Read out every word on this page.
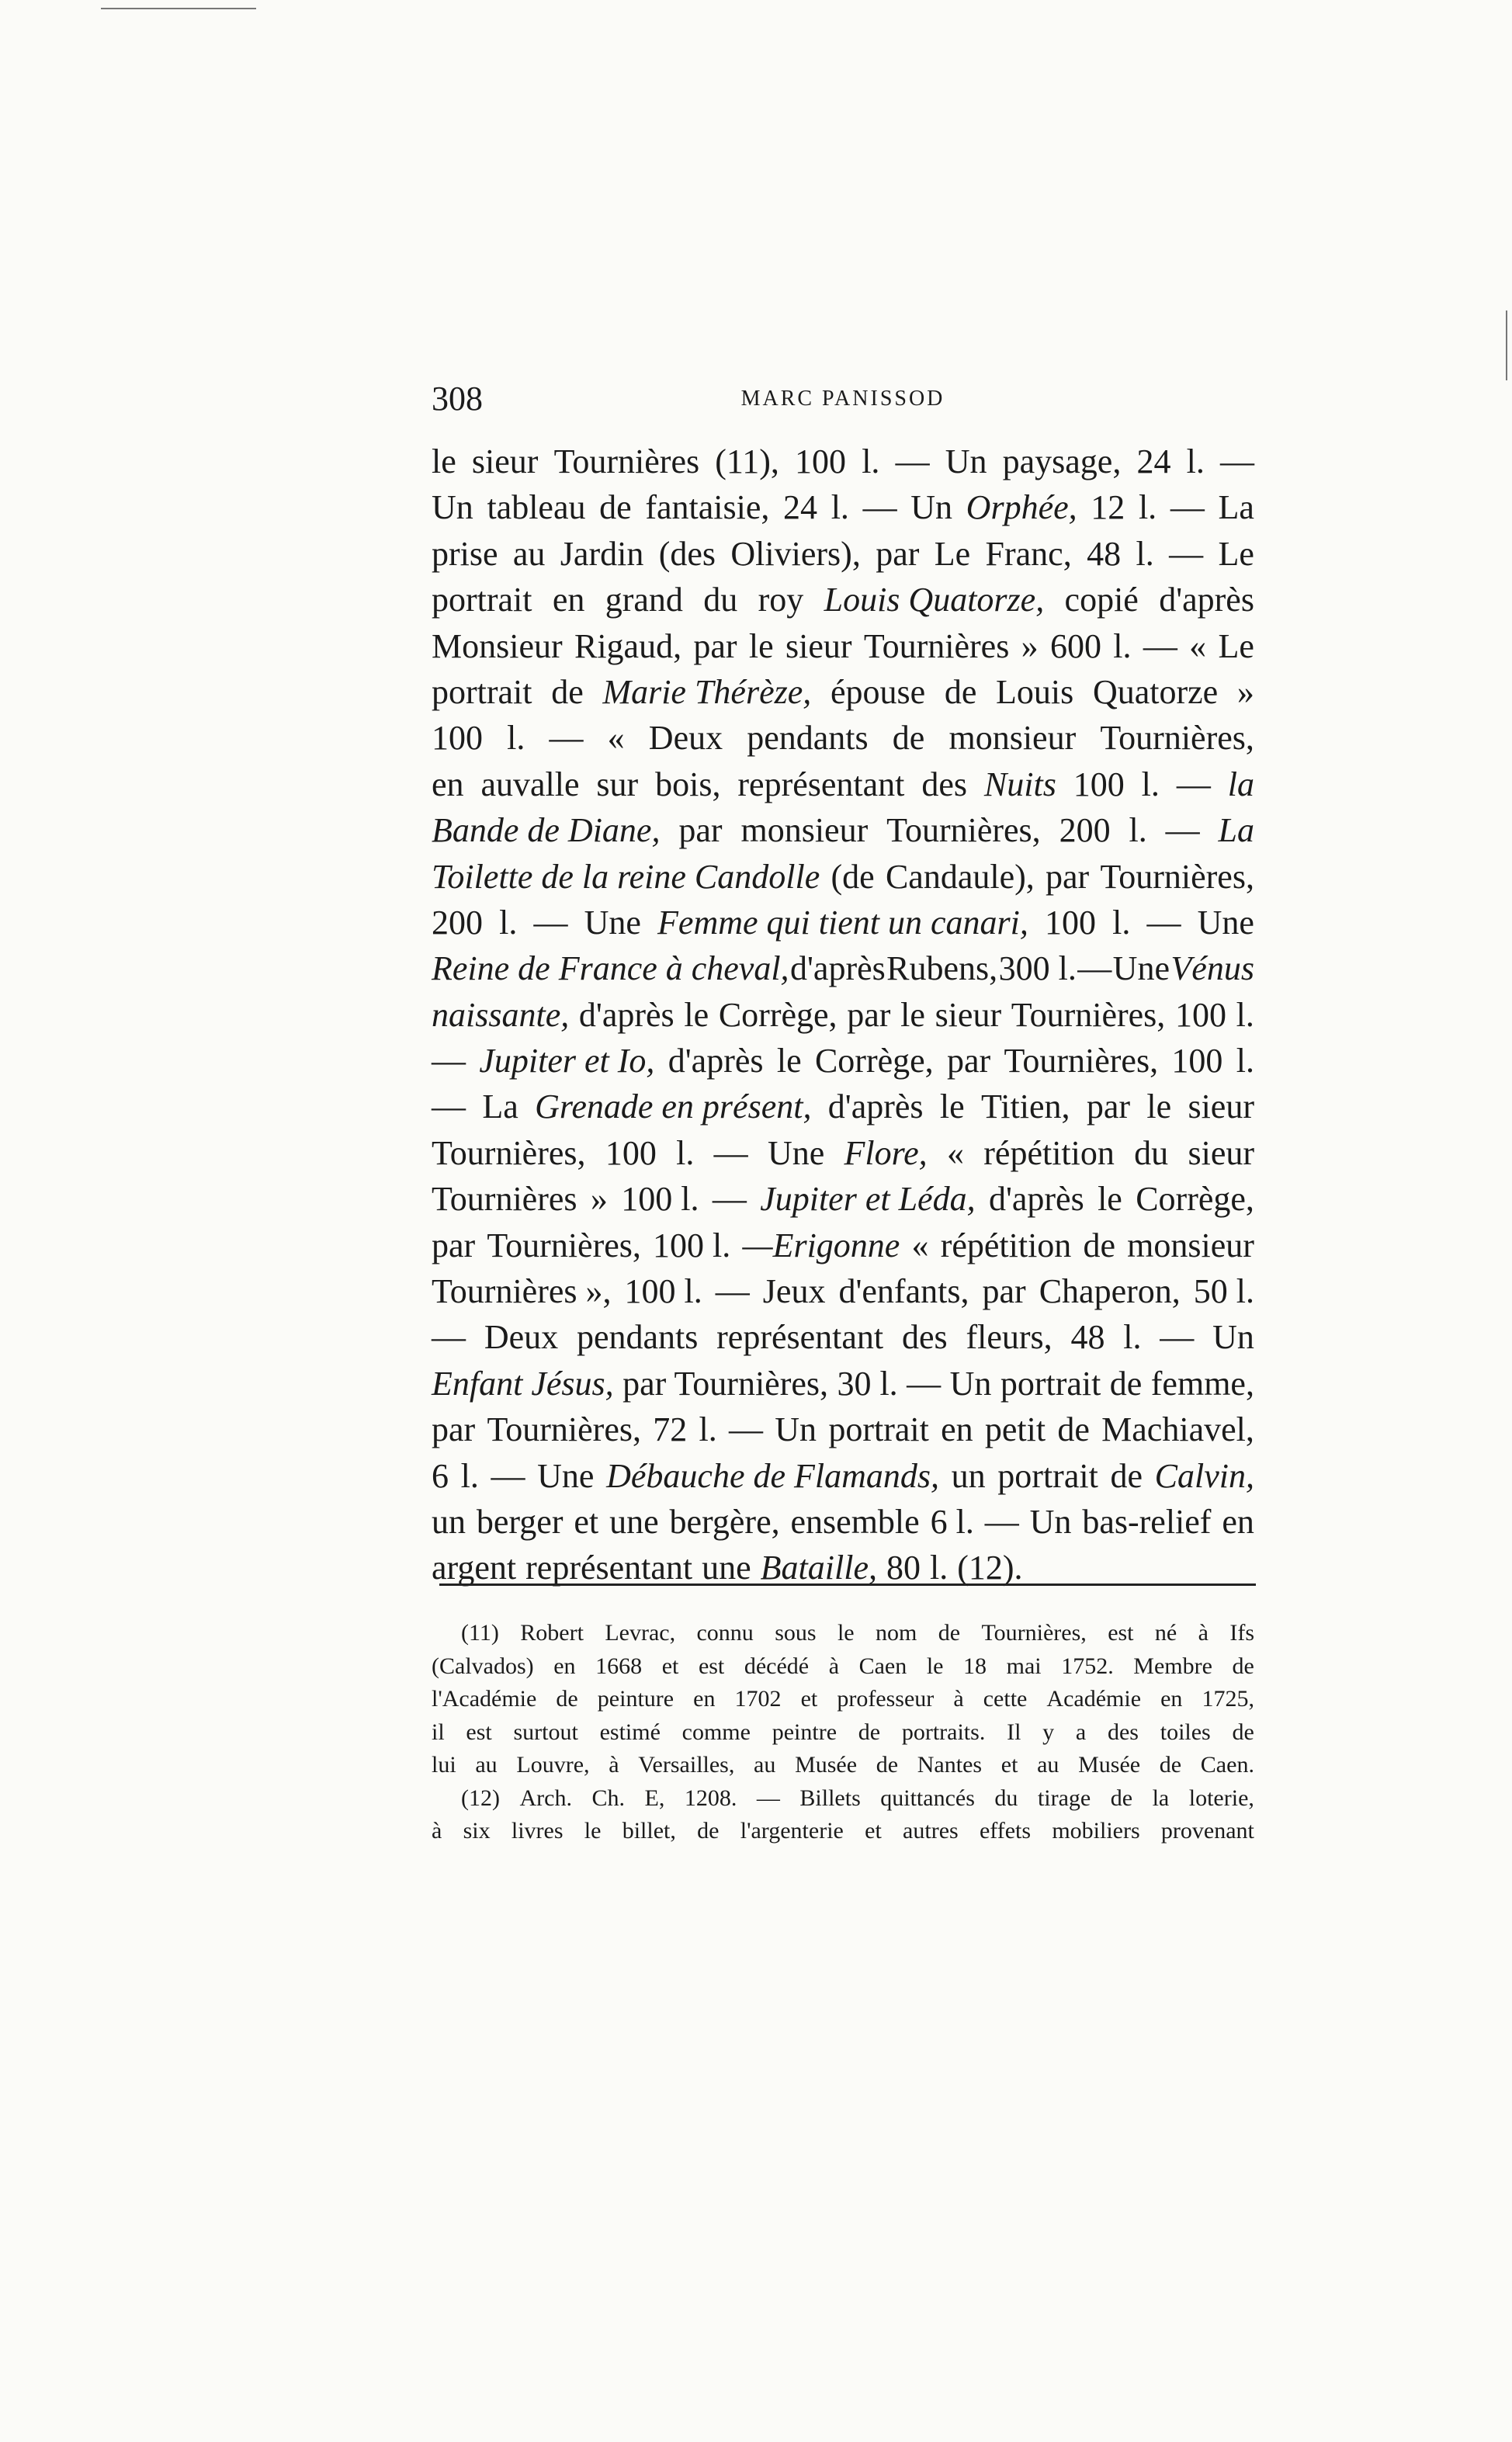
308	MARC PANISSOD
le sieur Tournières (11), 100 l. — Un paysage, 24 l. —
Un tableau de fantaisie, 24 l. — Un Orphée, 12 l. — La
prise au Jardin (des Oliviers), par Le Franc, 48 l. — Le
portrait en grand du roy Louis Quatorze, copié d'après
Monsieur Rigaud, par le sieur Tournières » 600 l. — « Le
portrait de Marie Thérèze, épouse de Louis Quatorze »
100 l. — « Deux pendants de monsieur Tournières,
en auvalle sur bois, représentant des Nuits 100 l. — la
Bande de Diane, par monsieur Tournières, 200 l. — La
Toilette de la reine Candolle (de Candaule), par Tournières,
200 l. — Une Femme qui tient un canari, 100 l. — Une
Reine de France à cheval, d'après Rubens, 300 l. — Une Vénus
naissante, d'après le Corrège, par le sieur Tournières, 100 l.
— Jupiter et Io, d'après le Corrège, par Tournières, 100 l.
— La Grenade en présent, d'après le Titien, par le sieur
Tournières, 100 l. — Une Flore, « répétition du sieur
Tournières » 100 l. — Jupiter et Léda, d'après le Corrège,
par Tournières, 100 l. —Erigonne « répétition de monsieur
Tournières », 100 l. — Jeux d'enfants, par Chaperon, 50 l.
— Deux pendants représentant des fleurs, 48 l. — Un
Enfant Jésus, par Tournières, 30 l. — Un portrait de femme,
par Tournières, 72 l. — Un portrait en petit de Machiavel,
6 l. — Une Débauche de Flamands, un portrait de Calvin,
un berger et une bergère, ensemble 6 l. — Un bas-relief en
argent représentant une Bataille, 80 l. (12).
(11) Robert Levrac, connu sous le nom de Tournières, est né à Ifs
(Calvados) en 1668 et est décédé à Caen le 18 mai 1752. Membre de
l'Académie de peinture en 1702 et professeur à cette Académie en 1725,
il est surtout estimé comme peintre de portraits. Il y a des toiles de
lui au Louvre, à Versailles, au Musée de Nantes et au Musée de Caen.
(12) Arch. Ch. E, 1208. — Billets quittancés du tirage de la loterie,
à six livres le billet, de l'argenterie et autres effets mobiliers provenant
